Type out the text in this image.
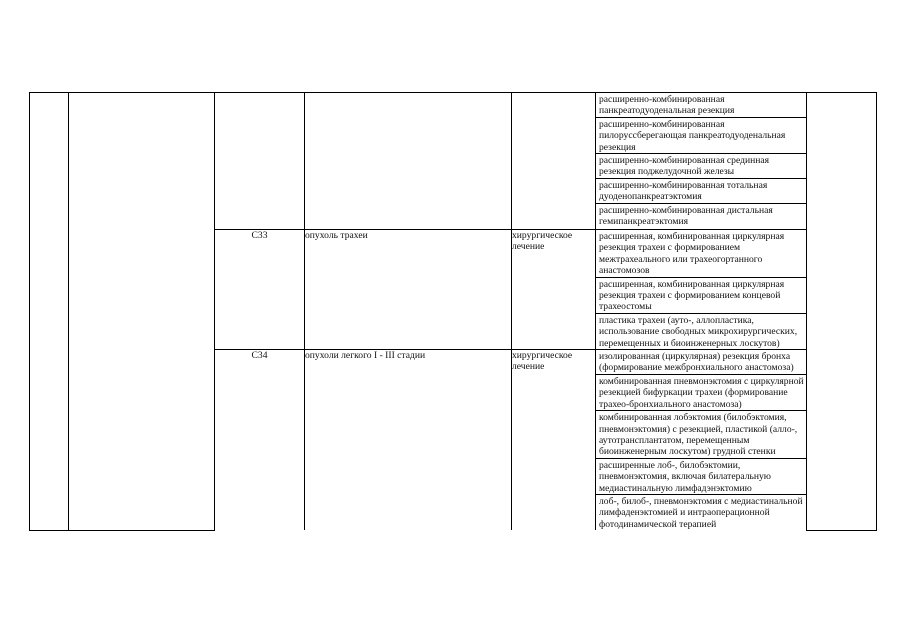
					расширенно-комбинированная панкреатодуоденальная резекция
расширенно-комбинированная пилоруссберегающая панкреатодуоденальная резекция
расширенно-комбинированная срединная резекция поджелудочной железы
расширенно-комбинированная тотальная дуоденопанкреатэктомия
расширенно-комбинированная дистальная гемипанкреатэктомия	

		C33	опухоль трахеи	хирургическое лечение	расширенная, комбинированная циркулярная резекция трахеи с формированием межтрахеального или трахеогортанного анастомозов
расширенная, комбинированная циркулярная резекция трахеи с формированием концевой трахеостомы
пластика трахеи (ауто-, аллопластика, использование свободных микрохирургических, перемещенных и биоинженерных лоскутов)	

		C34	опухоли легкого I - III стадии	хирургическое лечение	изолированная (циркулярная) резекция бронха (формирование межбронхиального анастомоза)
комбинированная пневмонэктомия с циркулярной резекцией бифуркации трахеи (формирование трахео-бронхиального анастомоза)
комбинированная лобэктомия (билобэктомия, пневмонэктомия) с резекцией, пластикой (алло-, аутотрансплантатом, перемещенным биоинженерным лоскутом) грудной стенки
расширенные лоб-, билобэктомии, пневмонэктомия, включая билатеральную медиастинальную лимфадэнэктомию
лоб-, билоб-, пневмонэктомия с медиастинальной лимфаденэктомией и интраоперационной фотодинамической терапией	
